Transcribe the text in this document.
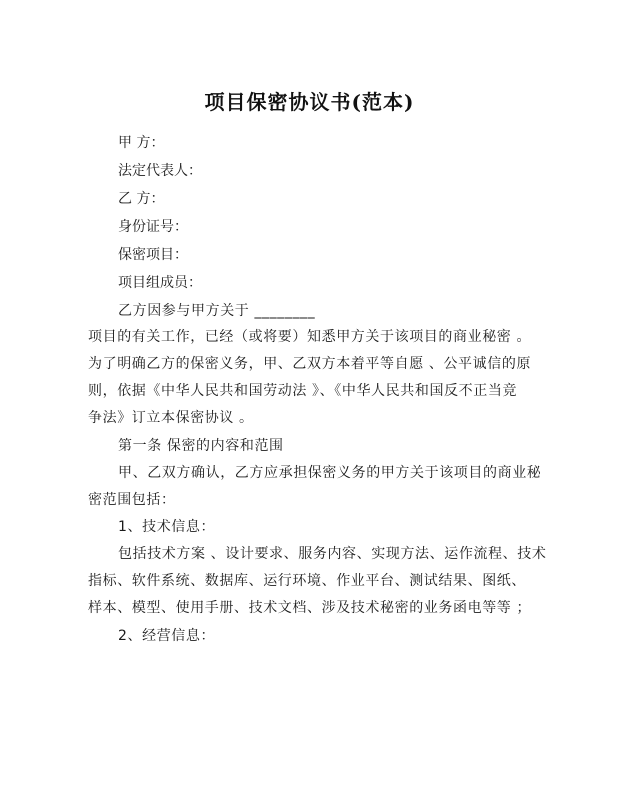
项目保密协议书(范本)
甲 方：
法定代表人：
乙 方：
身份证号：
保密项目：
项目组成员：
乙方因参与甲方关于 ________
项目的有关工作，已经（或将要）知悉甲方关于该项目的商业秘密 。
为了明确乙方的保密义务，甲、乙双方本着平等自愿 、公平诚信的原
则，依据《中华人民共和国劳动法 》、《中华人民共和国反不正当竞
争法》订立本保密协议 。
第一条 保密的内容和范围
甲、乙双方确认，乙方应承担保密义务的甲方关于该项目的商业秘
密范围包括：
1、技术信息：
包括技术方案 、设计要求、服务内容、实现方法、运作流程、技术
指标、软件系统、数据库、运行环境、作业平台、测试结果、图纸、
样本、模型、使用手册、技术文档、涉及技术秘密的业务函电等等 ；
2、经营信息：
